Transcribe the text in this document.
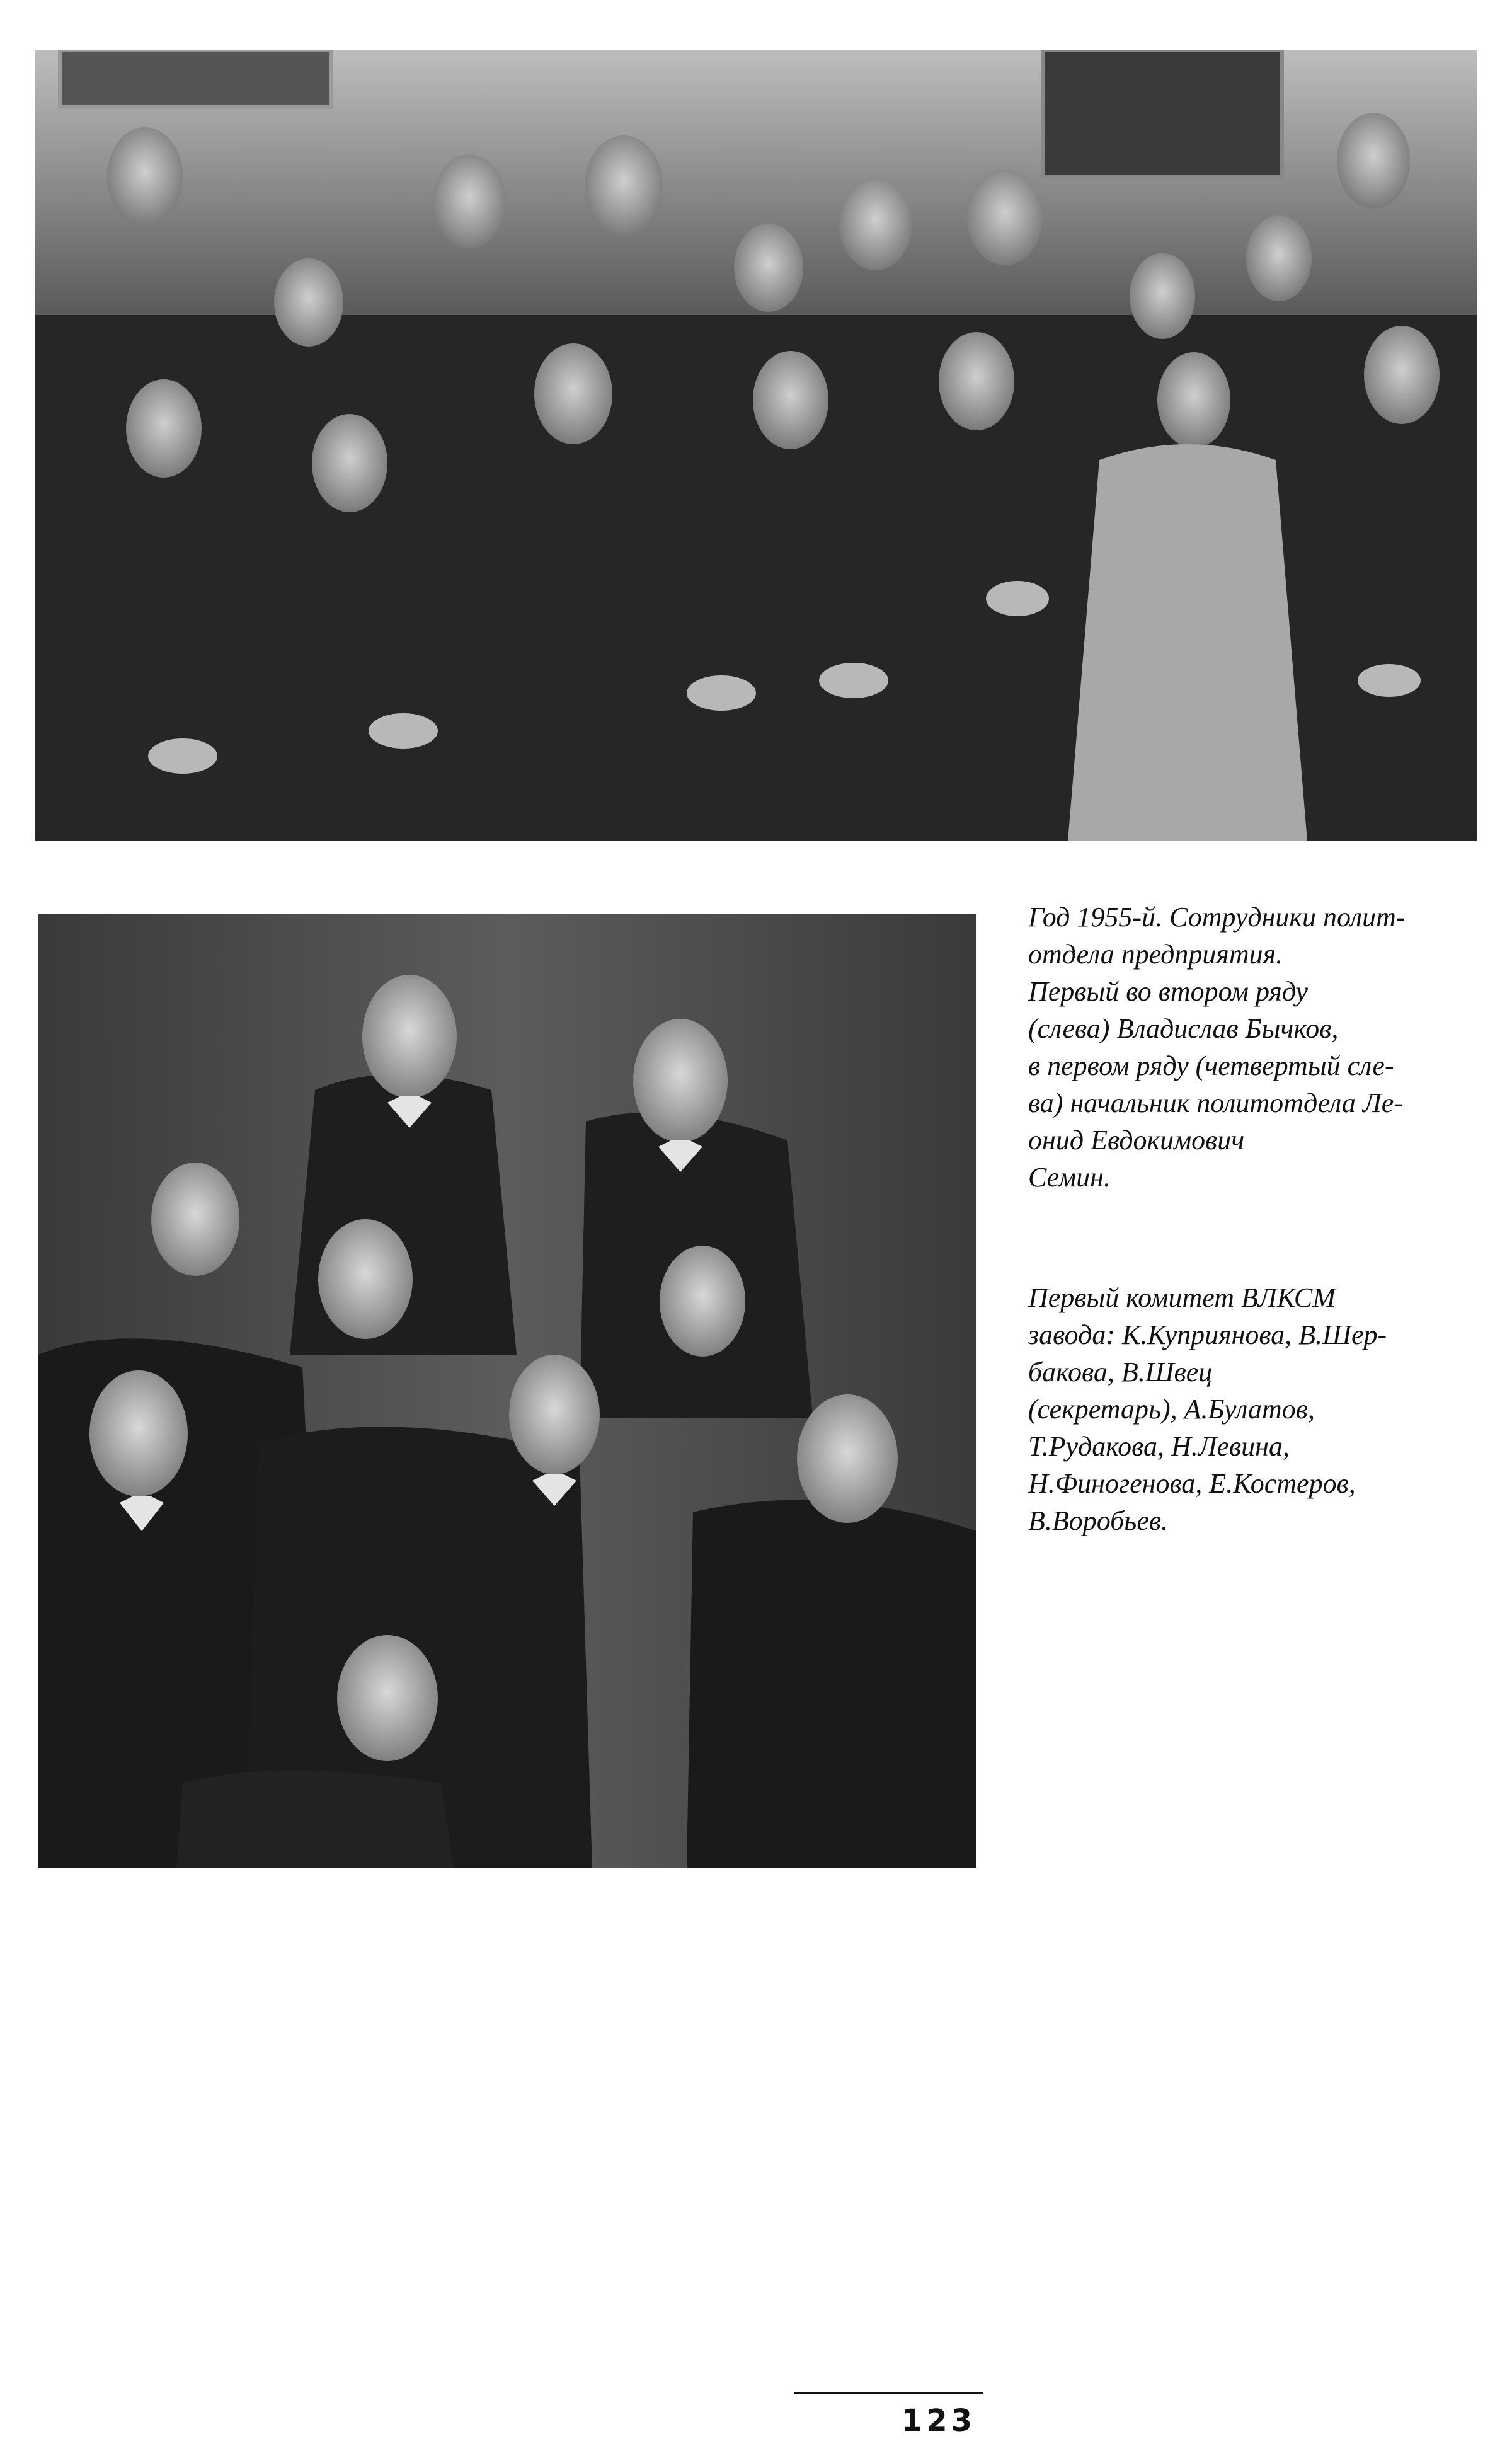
Год 1955-й. Сотрудники полит-
отдела предприятия.
Первый во втором ряду
(слева) Владислав Бычков,
в первом ряду (четвертый сле-
ва) начальник политотдела Ле-
онид Евдокимович
Семин.
Первый комитет ВЛКСМ
завода: К.Куприянова, В.Шер-
бакова, В.Швец
(секретарь), А.Булатов,
Т.Рудакова, Н.Левина,
Н.Финогенова, Е.Костеров,
В.Воробьев.
123
